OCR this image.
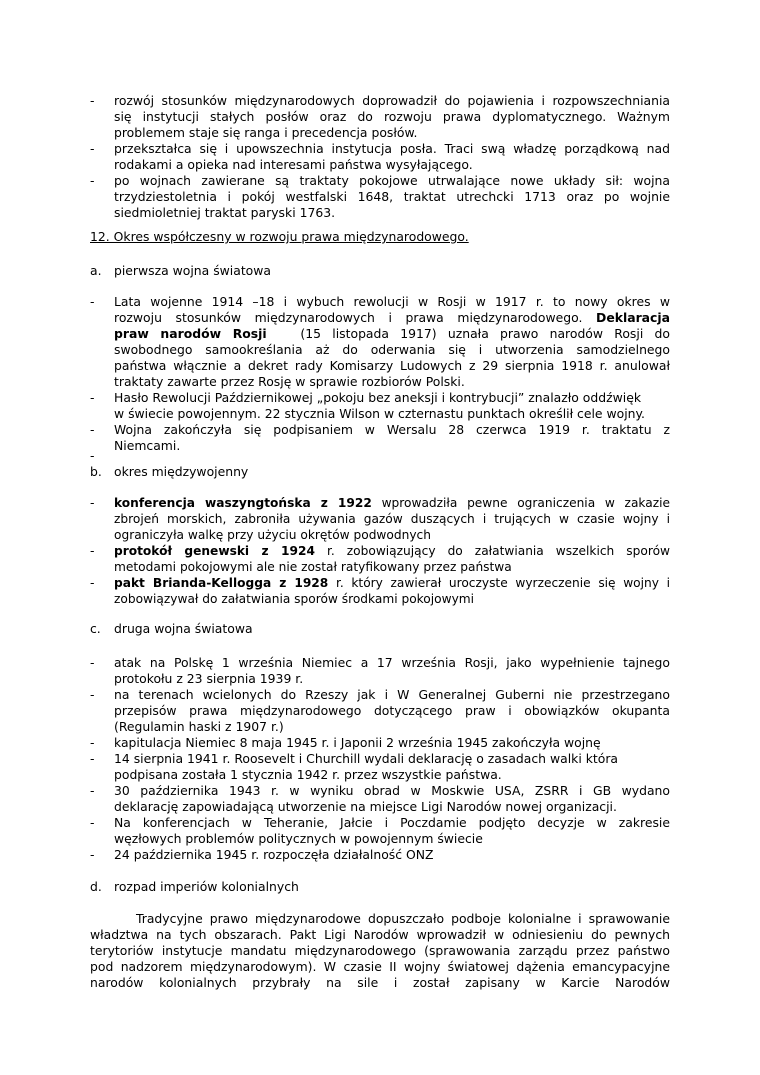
- rozwój stosunków międzynarodowych doprowadził do pojawienia i rozpowszechniania
się instytucji stałych posłów oraz do rozwoju prawa dyplomatycznego. Ważnym
problemem staje się ranga i precedencja posłów.
- przekształca się i upowszechnia instytucja posła. Traci swą władzę porządkową nad
rodakami a opieka nad interesami państwa wysyłającego.
- po wojnach zawierane są traktaty pokojowe utrwalające nowe układy sił: wojna
trzydziestoletnia i pokój westfalski 1648, traktat utrechcki 1713 oraz po wojnie
siedmioletniej traktat paryski 1763.
12. Okres współczesny w rozwoju prawa międzynarodowego.
a. pierwsza wojna światowa
- Lata wojenne 1914 –18 i wybuch rewolucji w Rosji w 1917 r. to nowy okres w
rozwoju stosunków międzynarodowych i prawa międzynarodowego. Deklaracja
praw narodów Rosji	(15 listopada 1917) uznała prawo narodów Rosji do
swobodnego samookreślania aż do oderwania się i utworzenia samodzielnego
państwa włącznie a dekret rady Komisarzy Ludowych z 29 sierpnia 1918 r. anulował
traktaty zawarte przez Rosję w sprawie rozbiorów Polski.
- Hasło Rewolucji Październikowej „pokoju bez aneksji i kontrybucji” znalazło oddźwięk
w świecie powojennym. 22 stycznia Wilson w czternastu punktach określił cele wojny.
- Wojna zakończyła się podpisaniem w Wersalu 28 czerwca 1919 r. traktatu z
Niemcami.
-
b. okres międzywojenny
- konferencja waszyngtońska z 1922 wprowadziła pewne ograniczenia w zakazie
zbrojeń morskich, zabroniła używania gazów duszących i trujących w czasie wojny i
ograniczyła walkę przy użyciu okrętów podwodnych
- protokół genewski z 1924 r. zobowiązujący do załatwiania wszelkich sporów
metodami pokojowymi ale nie został ratyfikowany przez państwa
- pakt Brianda-Kellogga z 1928 r. który zawierał uroczyste wyrzeczenie się wojny i
zobowiązywał do załatwiania sporów środkami pokojowymi
c. druga wojna światowa
- atak na Polskę 1 września Niemiec a 17 września Rosji, jako wypełnienie tajnego
protokołu z 23 sierpnia 1939 r.
- na terenach wcielonych do Rzeszy jak i W Generalnej Guberni nie przestrzegano
przepisów prawa międzynarodowego dotyczącego praw i obowiązków okupanta
(Regulamin haski z 1907 r.)
- kapitulacja Niemiec 8 maja 1945 r. i Japonii 2 września 1945 zakończyła wojnę
- 14 sierpnia 1941 r. Roosevelt i Churchill wydali deklarację o zasadach walki która
podpisana została 1 stycznia 1942 r. przez wszystkie państwa.
- 30 października 1943 r. w wyniku obrad w Moskwie USA, ZSRR i GB wydano
deklarację zapowiadającą utworzenie na miejsce Ligi Narodów nowej organizacji.
- Na konferencjach w Teheranie, Jałcie i Poczdamie podjęto decyzje w zakresie
węzłowych problemów politycznych w powojennym świecie
- 24 października 1945 r. rozpoczęła działalność ONZ
d. rozpad imperiów kolonialnych
Tradycyjne prawo międzynarodowe dopuszczało podboje kolonialne i sprawowanie
władztwa na tych obszarach. Pakt Ligi Narodów wprowadził w odniesieniu do pewnych
terytoriów instytucje mandatu międzynarodowego (sprawowania zarządu przez państwo
pod nadzorem międzynarodowym). W czasie II wojny światowej dążenia emancypacyjne
narodów kolonialnych przybrały na sile i został zapisany w Karcie Narodów
